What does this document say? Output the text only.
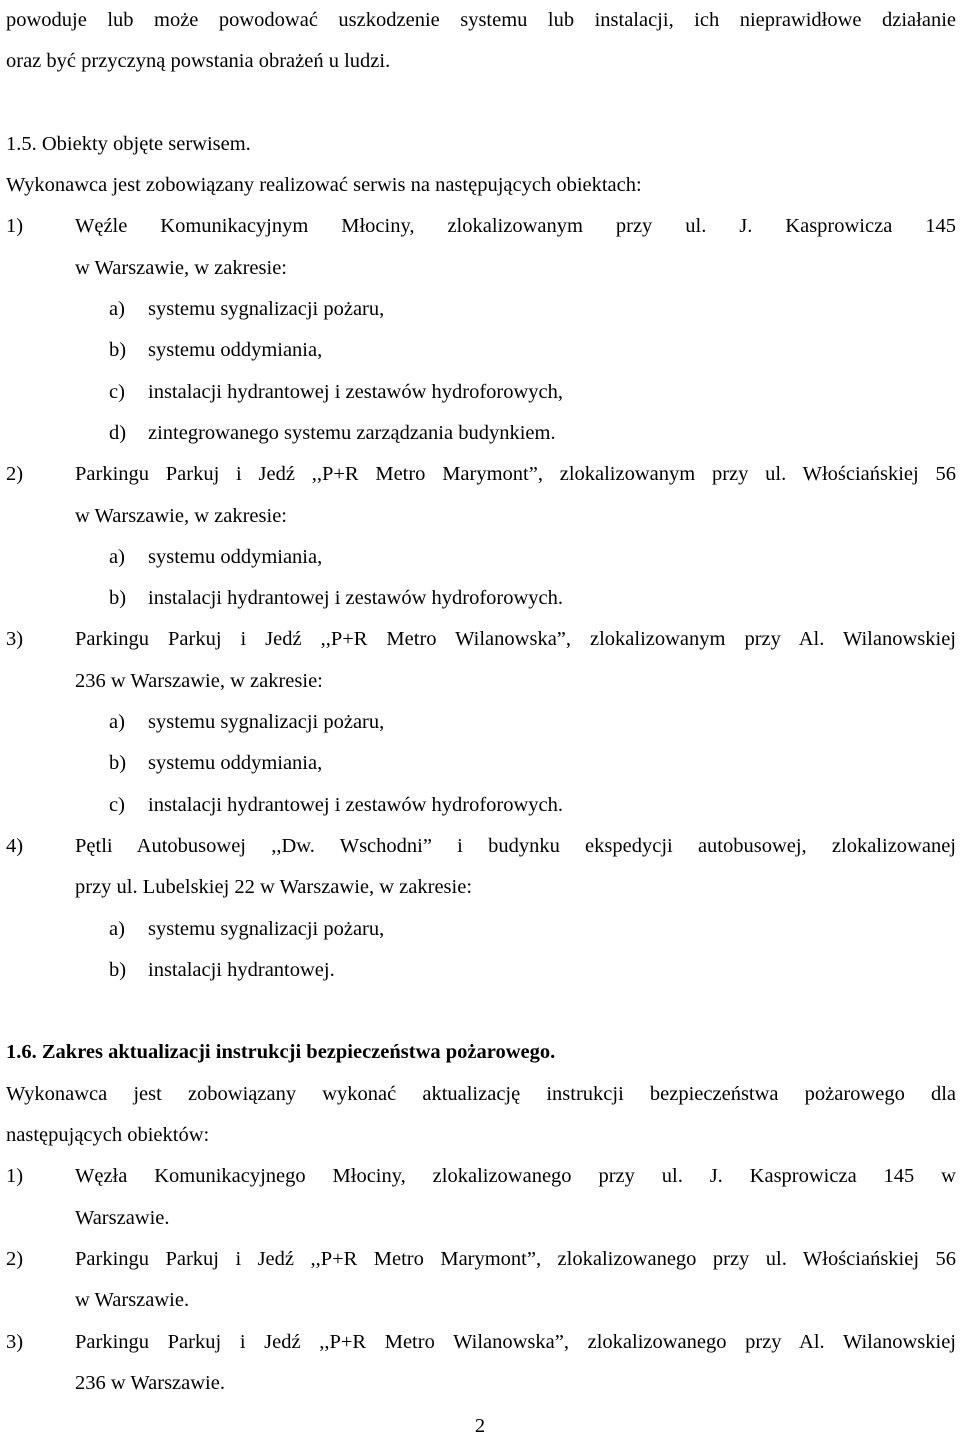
powoduje lub może powodować uszkodzenie systemu lub instalacji, ich nieprawidłowe działanie
oraz być przyczyną powstania obrażeń u ludzi.
1.5. Obiekty objęte serwisem.
Wykonawca jest zobowiązany realizować serwis na następujących obiektach:
1)	Węźle Komunikacyjnym Młociny, zlokalizowanym przy ul. J. Kasprowicza 145
w Warszawie, w zakresie:
a)	systemu sygnalizacji pożaru,
b)	systemu oddymiania,
c)	instalacji hydrantowej i zestawów hydroforowych,
d)	zintegrowanego systemu zarządzania budynkiem.
2)	Parkingu Parkuj i Jedź ,,P+R Metro Marymont”, zlokalizowanym przy ul. Włościańskiej 56
w Warszawie, w zakresie:
a)	systemu oddymiania,
b)	instalacji hydrantowej i zestawów hydroforowych.
3)	Parkingu Parkuj i Jedź ,,P+R Metro Wilanowska”, zlokalizowanym przy Al. Wilanowskiej
236 w Warszawie, w zakresie:
a)	systemu sygnalizacji pożaru,
b)	systemu oddymiania,
c)	instalacji hydrantowej i zestawów hydroforowych.
4)	Pętli Autobusowej ,,Dw. Wschodni” i budynku ekspedycji autobusowej, zlokalizowanej
przy ul. Lubelskiej 22 w Warszawie, w zakresie:
a)	systemu sygnalizacji pożaru,
b)	instalacji hydrantowej.
1.6. Zakres aktualizacji instrukcji bezpieczeństwa pożarowego.
Wykonawca jest zobowiązany wykonać aktualizację instrukcji bezpieczeństwa pożarowego dla
następujących obiektów:
1)	Węzła Komunikacyjnego Młociny, zlokalizowanego przy ul. J. Kasprowicza 145 w
Warszawie.
2)	Parkingu Parkuj i Jedź ,,P+R Metro Marymont”, zlokalizowanego przy ul. Włościańskiej 56
w Warszawie.
3)	Parkingu Parkuj i Jedź ,,P+R Metro Wilanowska”, zlokalizowanego przy Al. Wilanowskiej
236 w Warszawie.
2
